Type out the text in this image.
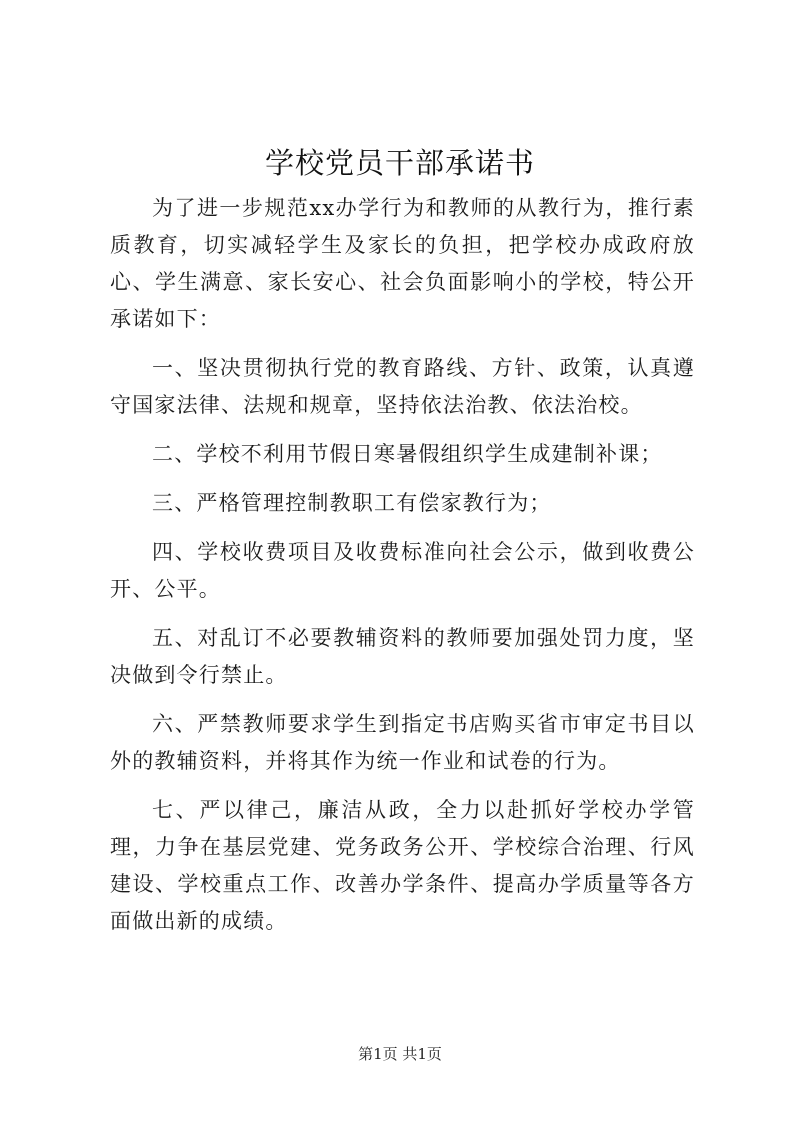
学校党员干部承诺书

为了进一步规范xx办学行为和教师的从教行为，推行素质教育，切实减轻学生及家长的负担，把学校办成政府放心、学生满意、家长安心、社会负面影响小的学校，特公开承诺如下：

一、坚决贯彻执行党的教育路线、方针、政策，认真遵守国家法律、法规和规章，坚持依法治教、依法治校。

二、学校不利用节假日寒暑假组织学生成建制补课；

三、严格管理控制教职工有偿家教行为；

四、学校收费项目及收费标准向社会公示，做到收费公开、公平。

五、对乱订不必要教辅资料的教师要加强处罚力度，坚决做到令行禁止。

六、严禁教师要求学生到指定书店购买省市审定书目以外的教辅资料，并将其作为统一作业和试卷的行为。

七、严以律己，廉洁从政，全力以赴抓好学校办学管理，力争在基层党建、党务政务公开、学校综合治理、行风建设、学校重点工作、改善办学条件、提高办学质量等各方面做出新的成绩。

第1页 共1页
